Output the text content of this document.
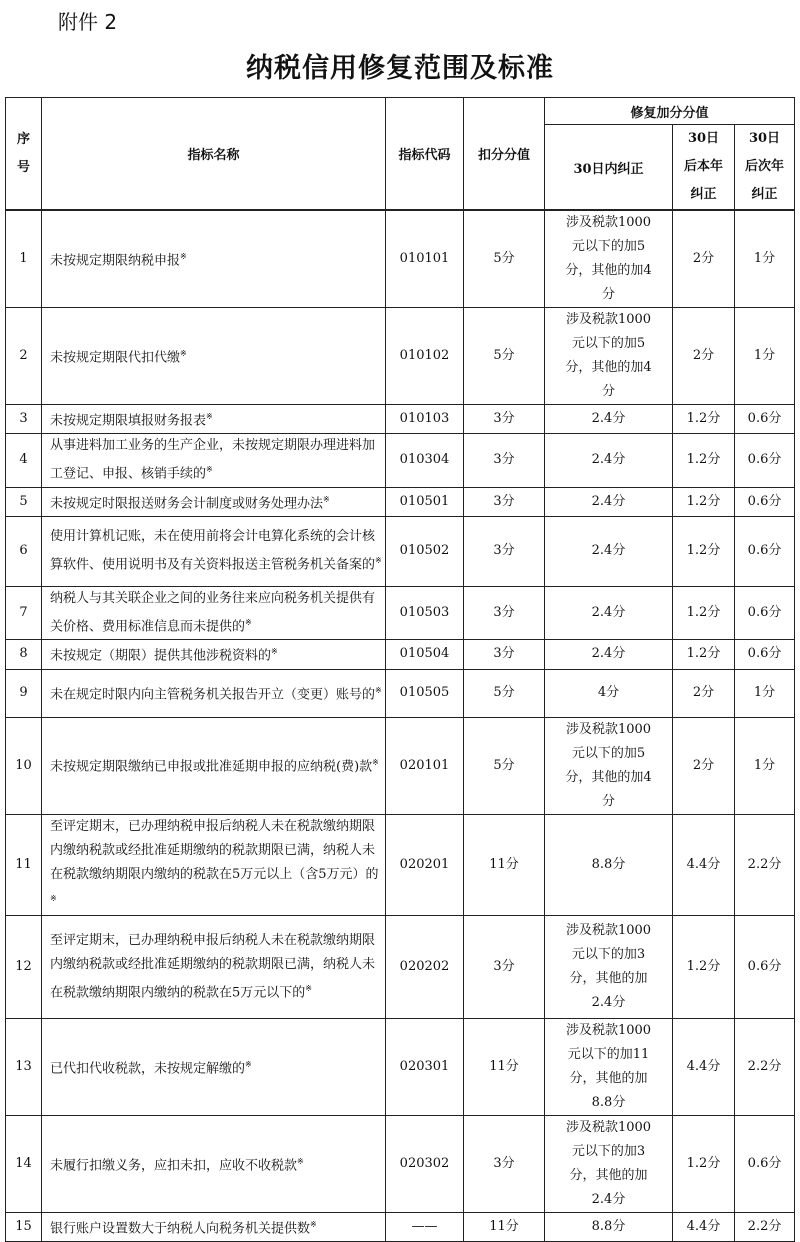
附件 2
纳税信用修复范围及标准
序号	指标名称	指标代码	扣分分值	修复加分分值		
				30日内纠正	30日后本年纠正	30日后次年纠正

1	未按规定期限纳税申报※	010101	5分	涉及税款1000元以下的加5分，其他的加4分	2分	1分
2	未按规定期限代扣代缴※	010102	5分	涉及税款1000元以下的加5分，其他的加4分	2分	1分
3	未按规定期限填报财务报表※	010103	3分	2.4分	1.2分	0.6分
4	从事进料加工业务的生产企业，未按规定期限办理进料加工登记、申报、核销手续的※	010304	3分	2.4分	1.2分	0.6分
5	未按规定时限报送财务会计制度或财务处理办法※	010501	3分	2.4分	1.2分	0.6分
6	使用计算机记账，未在使用前将会计电算化系统的会计核算软件、使用说明书及有关资料报送主管税务机关备案的※	010502	3分	2.4分	1.2分	0.6分
7	纳税人与其关联企业之间的业务往来应向税务机关提供有关价格、费用标准信息而未提供的※	010503	3分	2.4分	1.2分	0.6分
8	未按规定（期限）提供其他涉税资料的※	010504	3分	2.4分	1.2分	0.6分
9	未在规定时限内向主管税务机关报告开立（变更）账号的※	010505	5分	4分	2分	1分
10	未按规定期限缴纳已申报或批准延期申报的应纳税(费)款※	020101	5分	涉及税款1000元以下的加5分，其他的加4分	2分	1分
11	至评定期末，已办理纳税申报后纳税人未在税款缴纳期限内缴纳税款或经批准延期缴纳的税款期限已满，纳税人未在税款缴纳期限内缴纳的税款在5万元以上（含5万元）的※	020201	11分	8.8分	4.4分	2.2分
12	至评定期末，已办理纳税申报后纳税人未在税款缴纳期限内缴纳税款或经批准延期缴纳的税款期限已满，纳税人未在税款缴纳期限内缴纳的税款在5万元以下的※	020202	3分	涉及税款1000元以下的加3分，其他的加2.4分	1.2分	0.6分
13	已代扣代收税款，未按规定解缴的※	020301	11分	涉及税款1000元以下的加11分，其他的加8.8分	4.4分	2.2分
14	未履行扣缴义务，应扣未扣，应收不收税款※	020302	3分	涉及税款1000元以下的加3分，其他的加2.4分	1.2分	0.6分
15	银行账户设置数大于纳税人向税务机关提供数※	——	11分	8.8分	4.4分	2.2分
